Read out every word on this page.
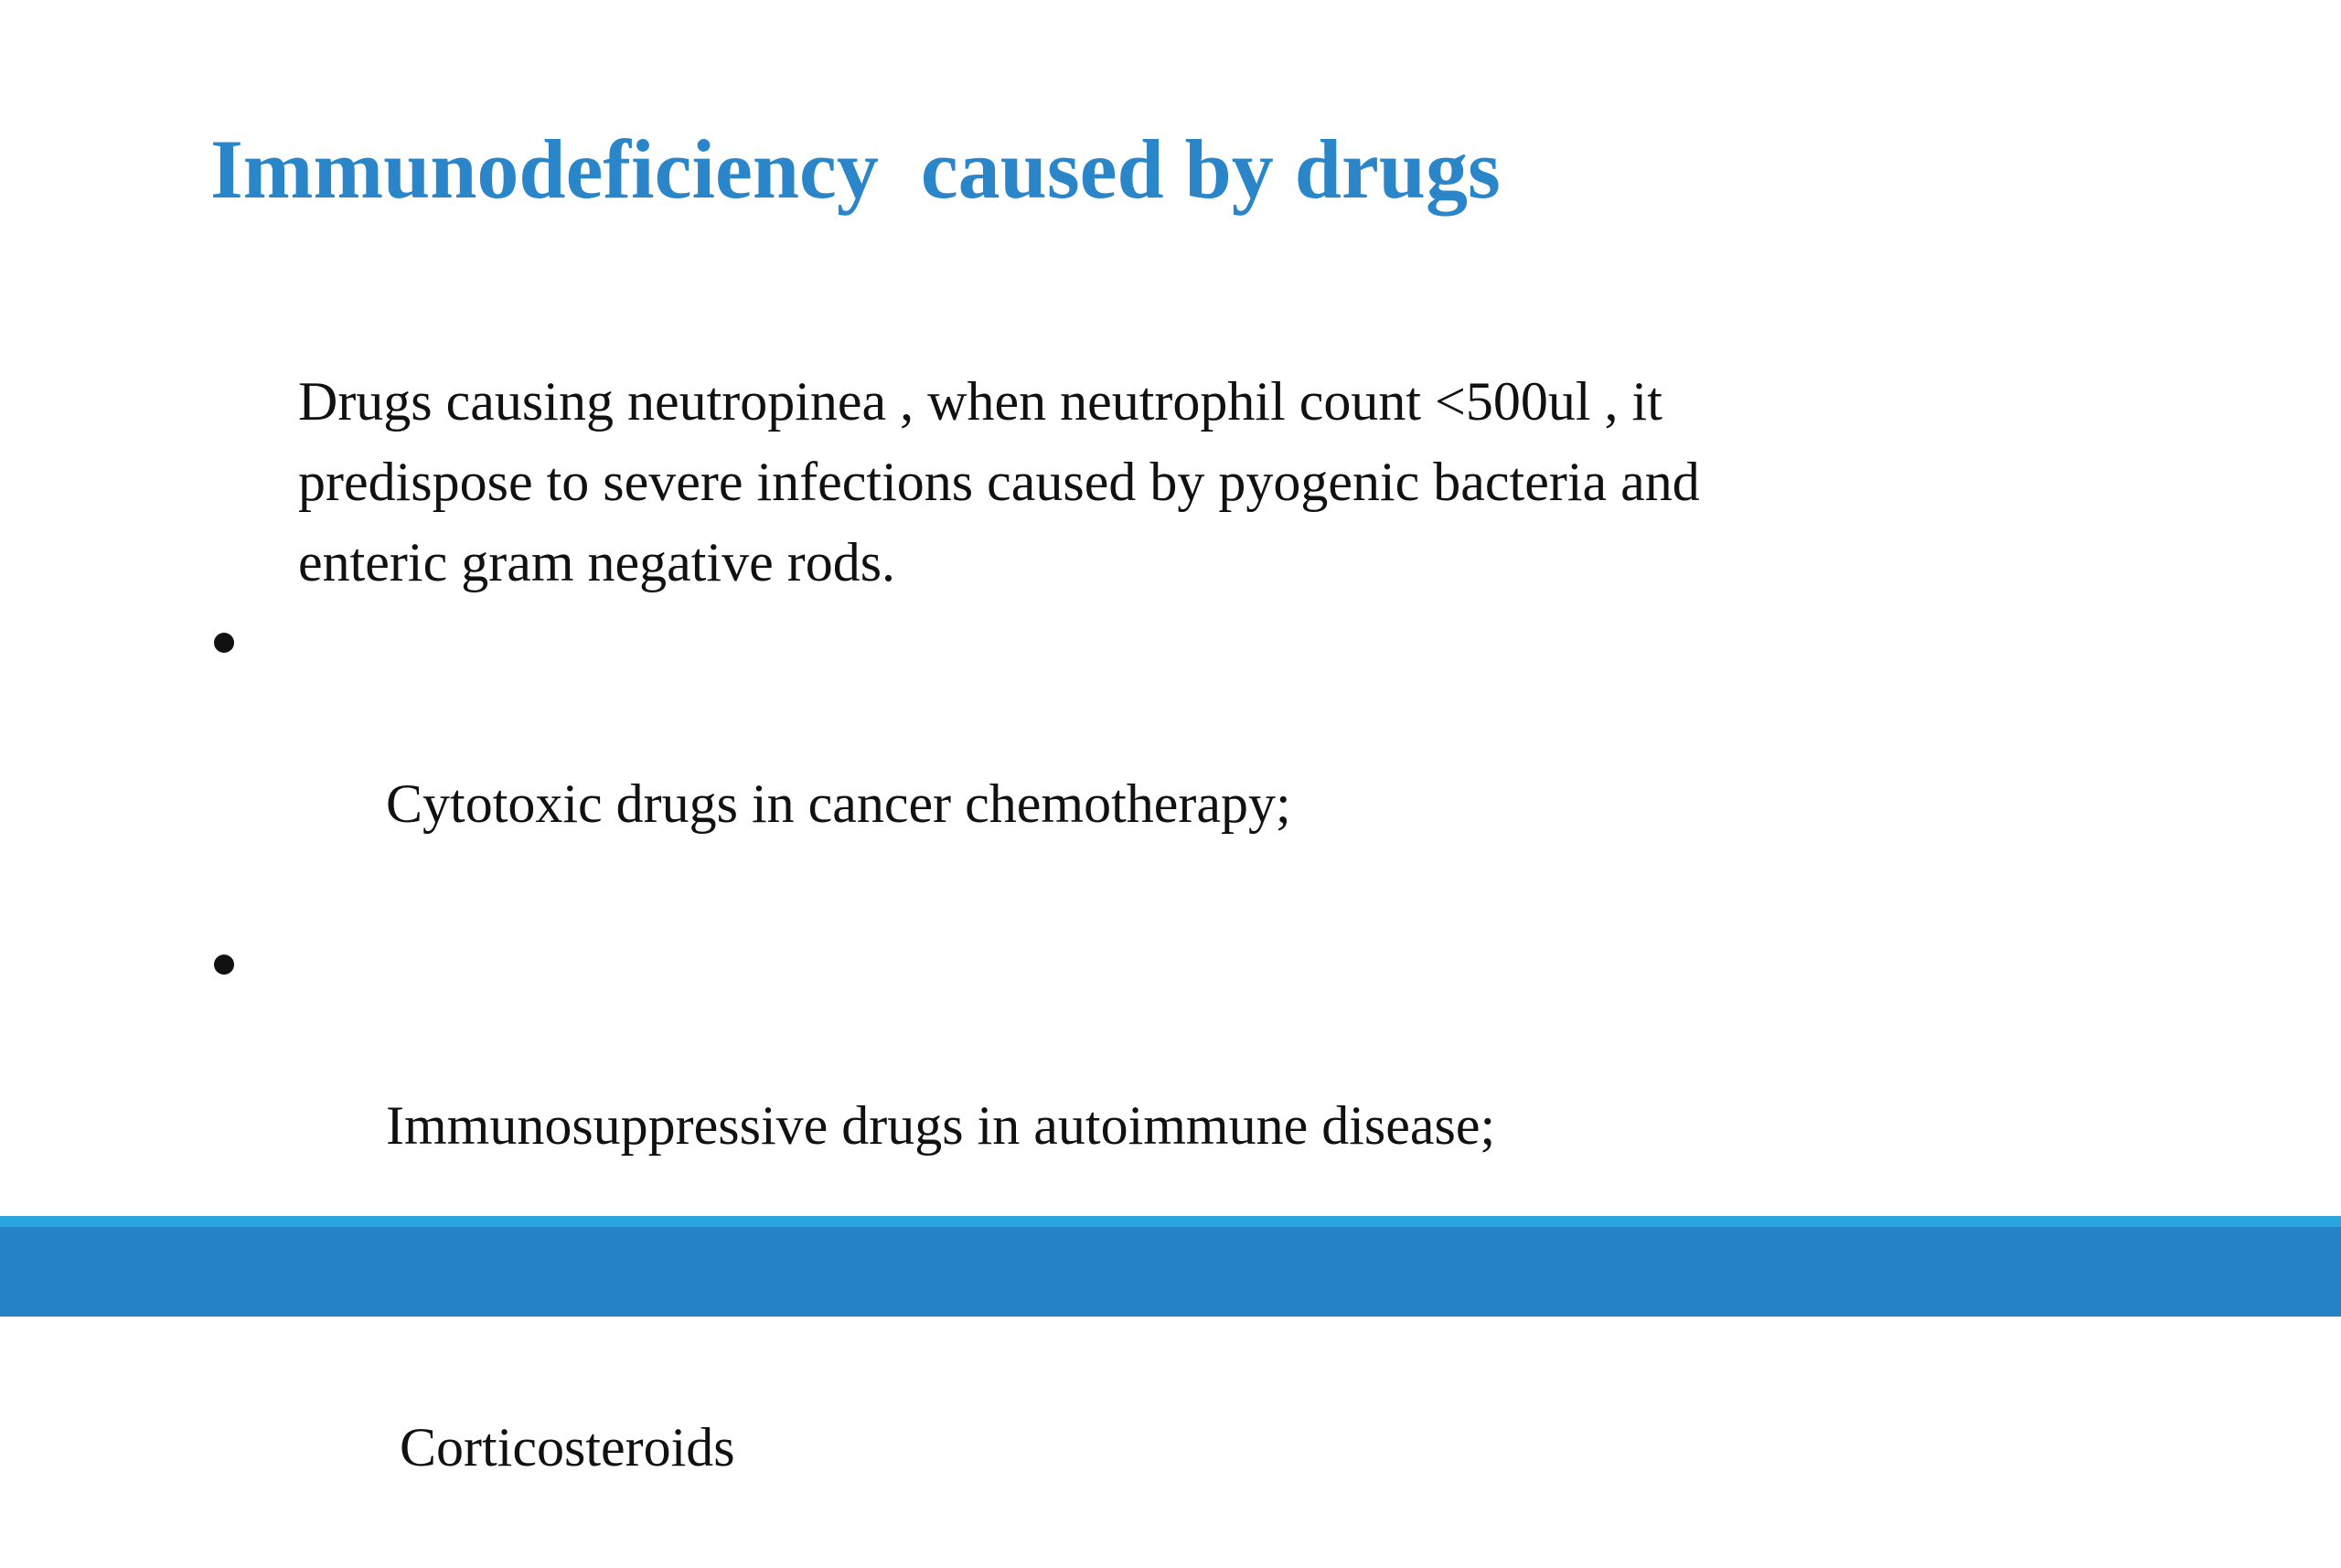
Immunodeficiency  caused by drugs

Drugs causing neutropinea , when neutrophil count <500ul , it
predispose to severe infections caused by pyogenic bacteria and
enteric gram negative rods.

Cytotoxic drugs in cancer chemotherapy;

Immunosuppressive drugs in autoimmune disease;

Corticosteroids
